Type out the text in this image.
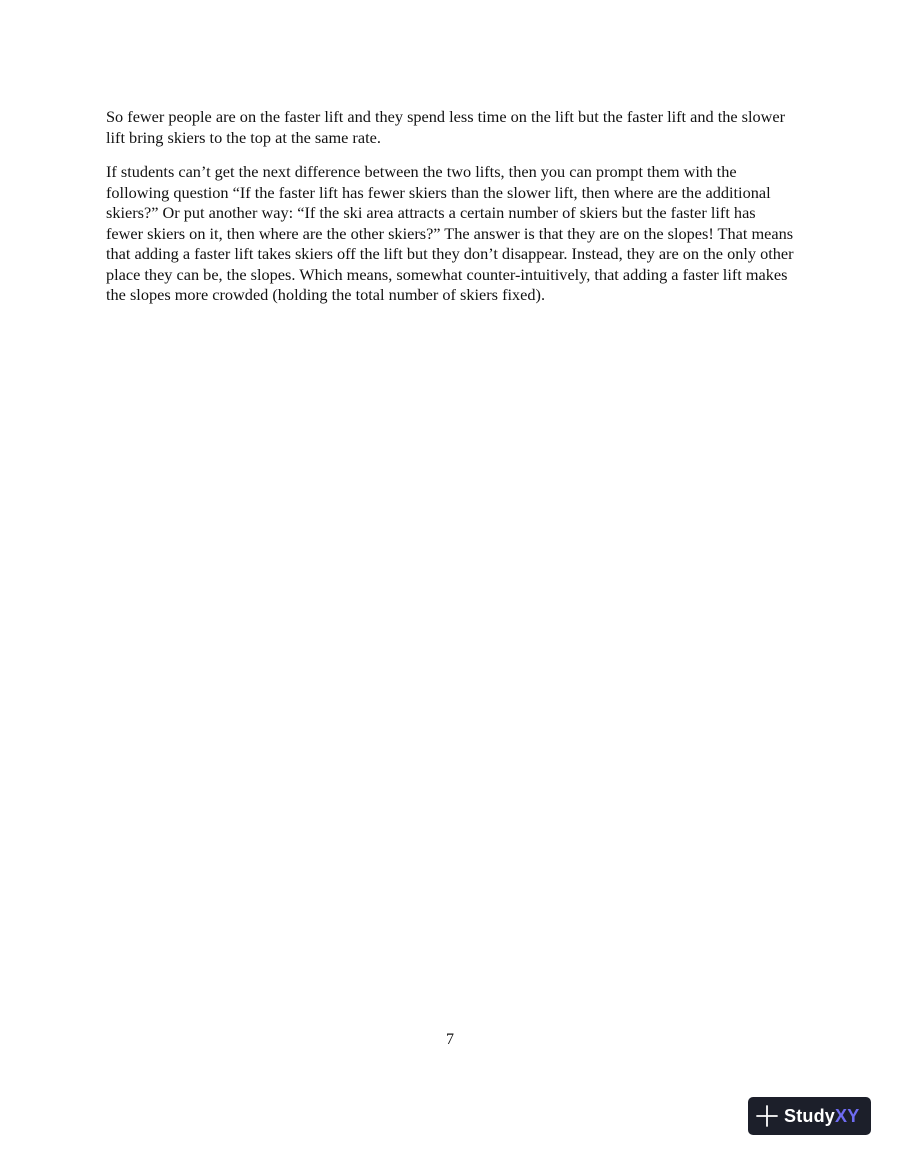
So fewer people are on the faster lift and they spend less time on the lift but the faster lift and the slower lift bring skiers to the top at the same rate.

If students can’t get the next difference between the two lifts, then you can prompt them with the following question “If the faster lift has fewer skiers than the slower lift, then where are the additional skiers?” Or put another way: “If the ski area attracts a certain number of skiers but the faster lift has fewer skiers on it, then where are the other skiers?” The answer is that they are on the slopes! That means that adding a faster lift takes skiers off the lift but they don’t disappear. Instead, they are on the only other place they can be, the slopes. Which means, somewhat counter-intuitively, that adding a faster lift makes the slopes more crowded (holding the total number of skiers fixed).

7
StudyXY
